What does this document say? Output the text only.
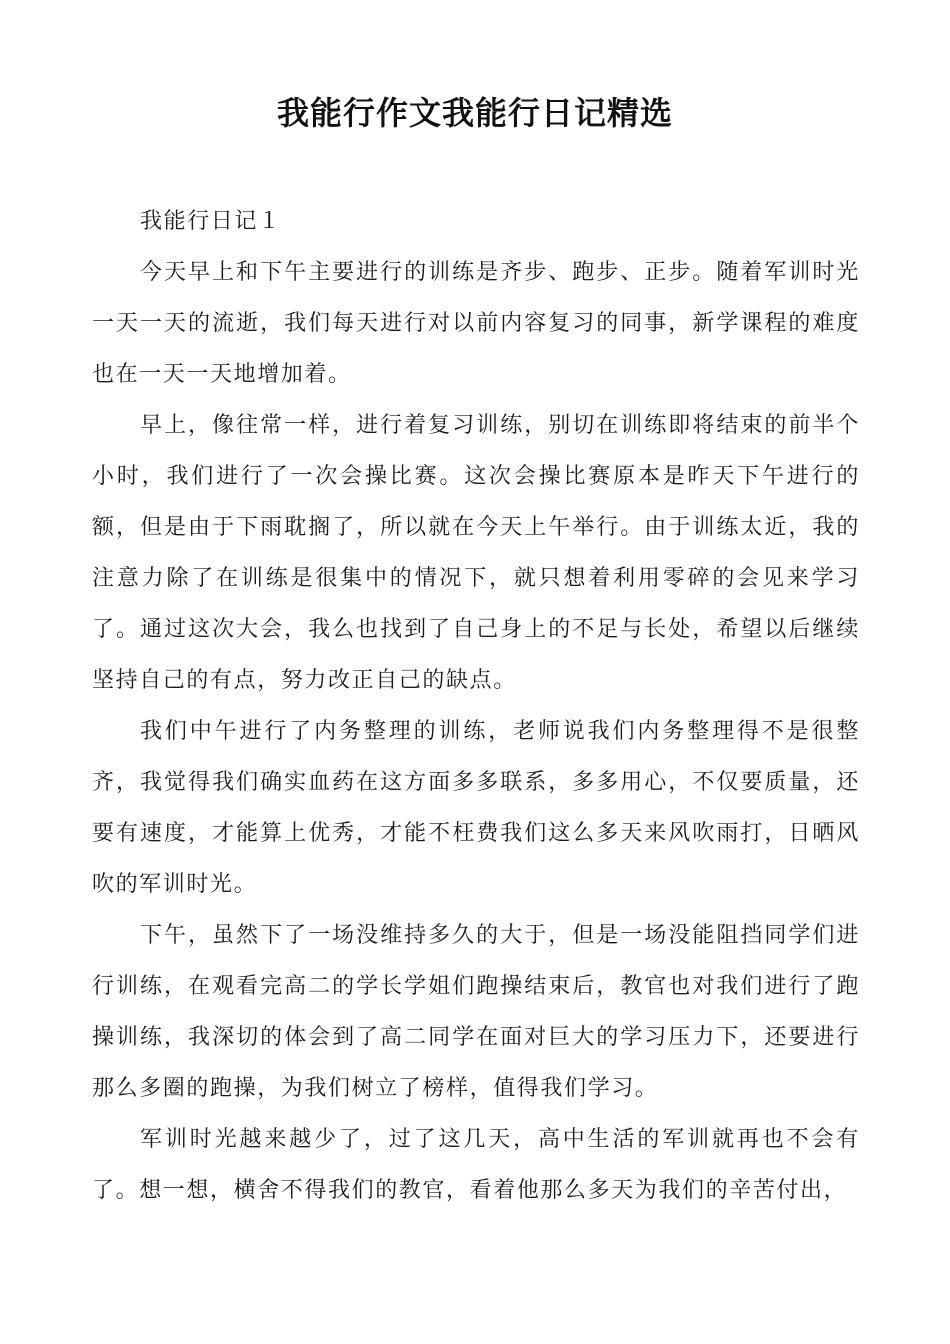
我能行作文我能行日记精选

我能行日记１

今天早上和下午主要进行的训练是齐步、跑步、正步。随着军训时光一天一天的流逝，我们每天进行对以前内容复习的同事，新学课程的难度也在一天一天地增加着。

早上，像往常一样，进行着复习训练，别切在训练即将结束的前半个小时，我们进行了一次会操比赛。这次会操比赛原本是昨天下午进行的额，但是由于下雨耽搁了，所以就在今天上午举行。由于训练太近，我的注意力除了在训练是很集中的情况下，就只想着利用零碎的会见来学习了。通过这次大会，我么也找到了自己身上的不足与长处，希望以后继续坚持自己的有点，努力改正自己的缺点。

我们中午进行了内务整理的训练，老师说我们内务整理得不是很整齐，我觉得我们确实血药在这方面多多联系，多多用心，不仅要质量，还要有速度，才能算上优秀，才能不枉费我们这么多天来风吹雨打，日晒风吹的军训时光。

下午，虽然下了一场没维持多久的大于，但是一场没能阻挡同学们进行训练，在观看完高二的学长学姐们跑操结束后，教官也对我们进行了跑操训练，我深切的体会到了高二同学在面对巨大的学习压力下，还要进行那么多圈的跑操，为我们树立了榜样，值得我们学习。

军训时光越来越少了，过了这几天，高中生活的军训就再也不会有了。想一想，横舍不得我们的教官，看着他那么多天为我们的辛苦付出，
